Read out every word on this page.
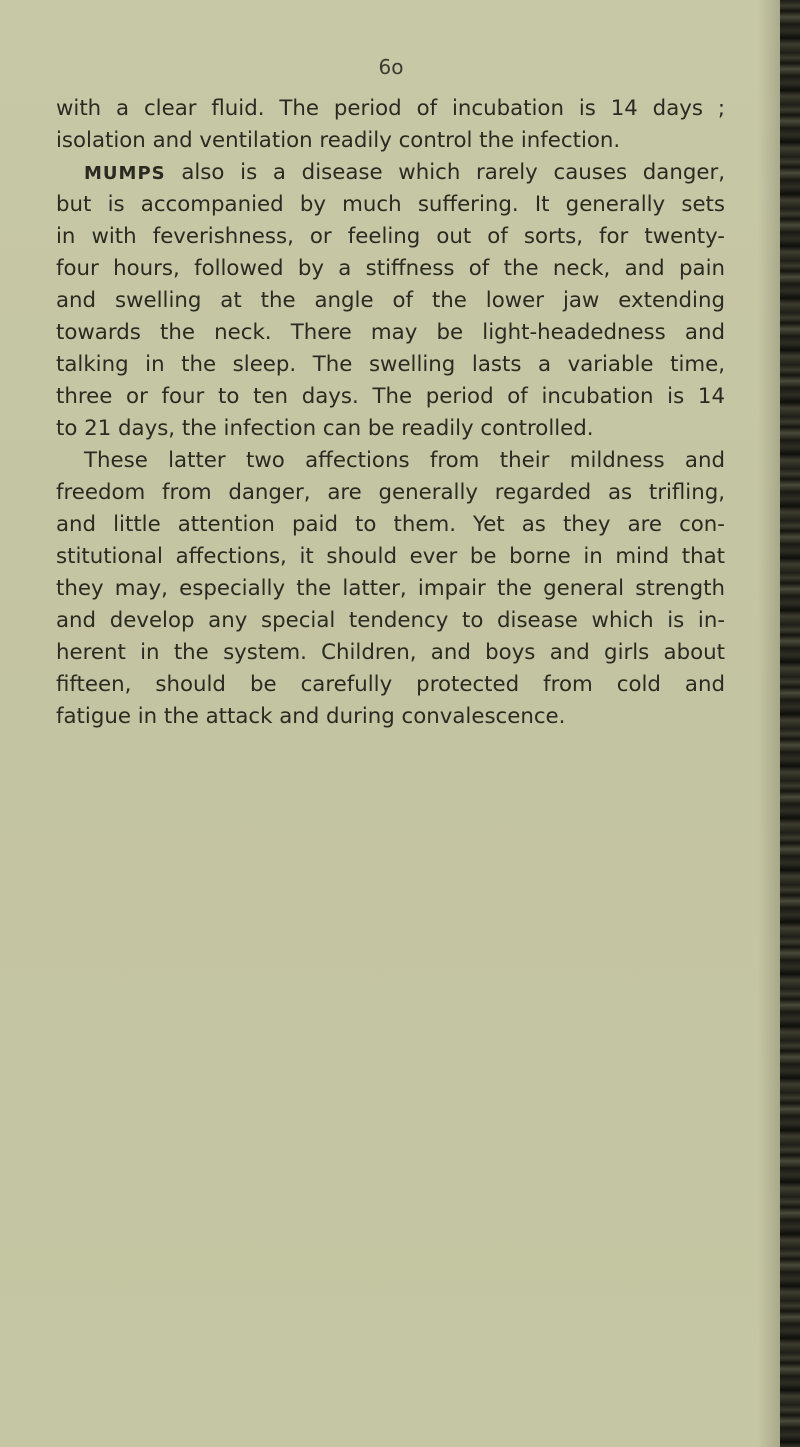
6o
with a clear fluid. The period of incubation is 14 days ;
isolation and ventilation readily control the infection.
MUMPS also is a disease which rarely causes danger,
but is accompanied by much suffering. It generally sets
in with feverishness, or feeling out of sorts, for twenty-
four hours, followed by a stiffness of the neck, and pain
and swelling at the angle of the lower jaw extending
towards the neck. There may be light-headedness and
talking in the sleep. The swelling lasts a variable time,
three or four to ten days. The period of incubation is 14
to 21 days, the infection can be readily controlled.
These latter two affections from their mildness and
freedom from danger, are generally regarded as trifling,
and little attention paid to them. Yet as they are con-
stitutional affections, it should ever be borne in mind that
they may, especially the latter, impair the general strength
and develop any special tendency to disease which is in-
herent in the system. Children, and boys and girls about
fifteen, should be carefully protected from cold and
fatigue in the attack and during convalescence.
